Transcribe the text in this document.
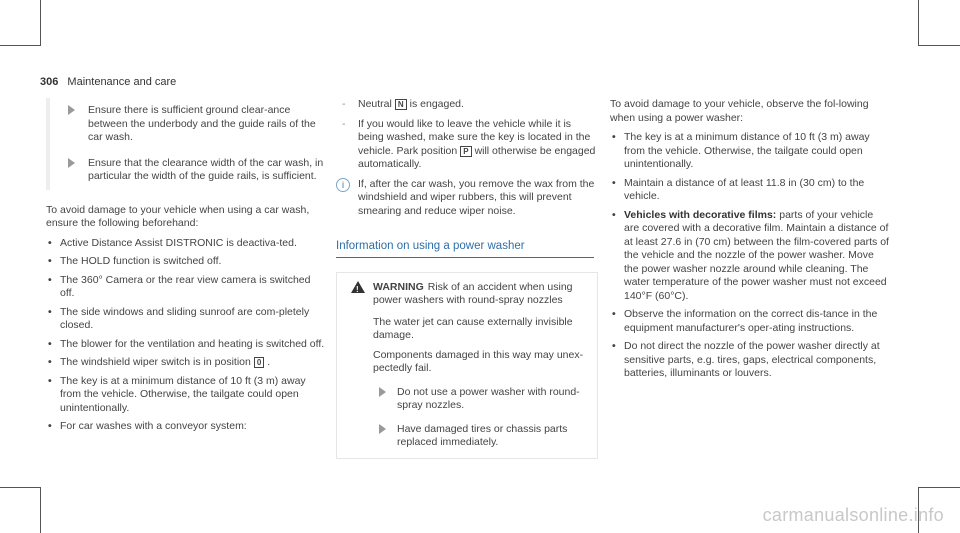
306 Maintenance and care
Ensure there is sufficient ground clear-ance between the underbody and the guide rails of the car wash.
Ensure that the clearance width of the car wash, in particular the width of the guide rails, is sufficient.

To avoid damage to your vehicle when using a car wash, ensure the following beforehand:

• Active Distance Assist DISTRONIC is deactiva-ted.
• The HOLD function is switched off.
• The 360° Camera or the rear view camera is switched off.
• The side windows and sliding sunroof are com-pletely closed.
• The blower for the ventilation and heating is switched off.
• The windshield wiper switch is in position 0 .
• The key is at a minimum distance of 10 ft (3 m) away from the vehicle. Otherwise, the tailgate could open unintentionally.
• For car washes with a conveyor system:
- Neutral N is engaged.
- If you would like to leave the vehicle while it is being washed, make sure the key is located in the vehicle. Park position P will otherwise be engaged automatically.
i	If, after the car wash, you remove the wax from the windshield and wiper rubbers, this will prevent smearing and reduce wiper noise.
Information on using a power washer
! WARNING Risk of an accident when using power washers with round-spray nozzles

The water jet can cause externally invisible damage.

Components damaged in this way may unex-pectedly fail.

Do not use a power washer with round-spray nozzles.
Have damaged tires or chassis parts replaced immediately.

To avoid damage to your vehicle, observe the fol-lowing when using a power washer:

• The key is at a minimum distance of 10 ft (3 m) away from the vehicle. Otherwise, the tailgate could open unintentionally.
• Maintain a distance of at least 11.8 in (30 cm) to the vehicle.
• Vehicles with decorative films: parts of your vehicle are covered with a decorative film. Maintain a distance of at least 27.6 in (70 cm) between the film-covered parts of the vehicle and the nozzle of the power washer. Move the power washer nozzle around while cleaning. The water temperature of the power washer must not exceed 140°F (60°C).
• Observe the information on the correct dis-tance in the equipment manufacturer's oper-ating instructions.
• Do not direct the nozzle of the power washer directly at sensitive parts, e.g. tires, gaps, electrical components, batteries, illuminants or louvers.
carmanualsonline.info
